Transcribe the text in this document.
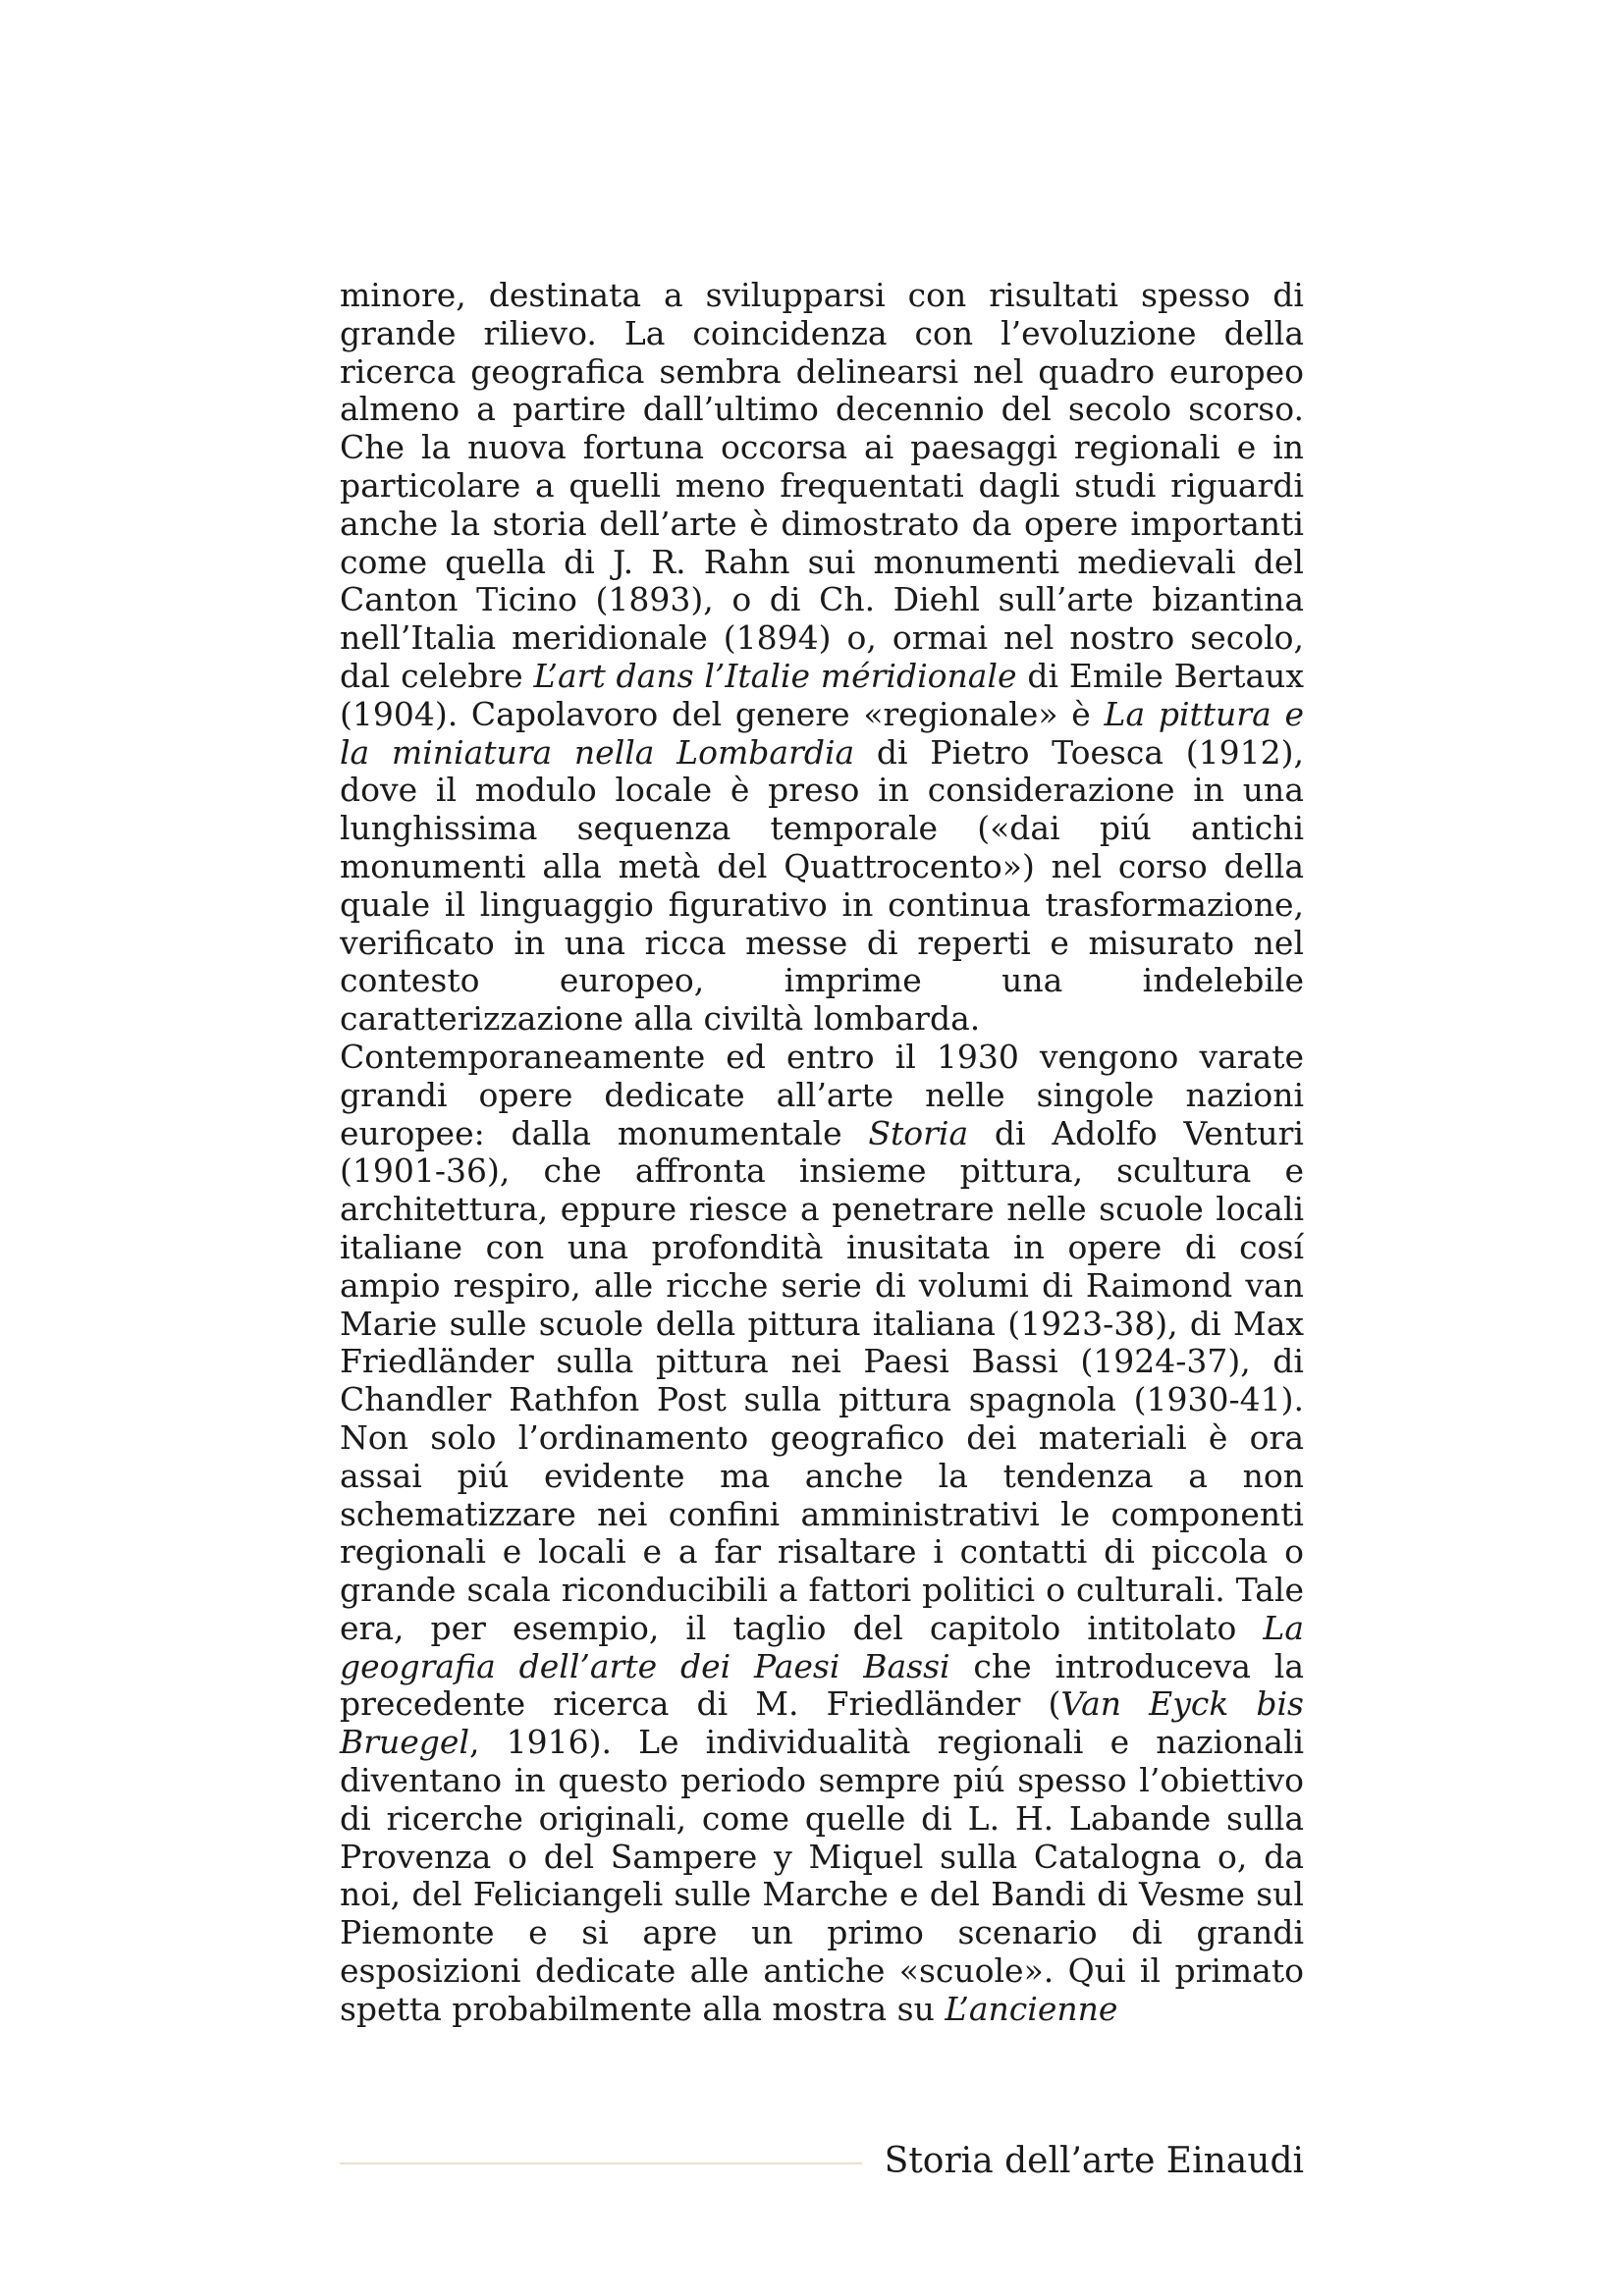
minore, destinata a svilupparsi con risultati spesso di grande rilievo. La coincidenza con l’evoluzione della ricerca geografica sembra delinearsi nel quadro europeo almeno a partire dall’ultimo decennio del secolo scorso. Che la nuova fortuna occorsa ai paesaggi regionali e in particolare a quelli meno frequentati dagli studi riguardi anche la storia dell’arte è dimostrato da opere importanti come quella di J. R. Rahn sui monumenti medievali del Canton Ticino (1893), o di Ch. Diehl sull’arte bizantina nell’Italia meridionale (1894) o, ormai nel nostro secolo, dal celebre L’art dans l’Italie méridionale di Emile Bertaux (1904). Capolavoro del genere «regionale» è La pittura e la miniatura nella Lombardia di Pietro Toesca (1912), dove il modulo locale è preso in considerazione in una lunghissima sequenza temporale («dai piú antichi monumenti alla metà del Quattrocento») nel corso della quale il linguaggio figurativo in continua trasformazione, verificato in una ricca messe di reperti e misurato nel contesto europeo, imprime una indelebile caratterizzazione alla civiltà lombarda.

Contemporaneamente ed entro il 1930 vengono varate grandi opere dedicate all’arte nelle singole nazioni europee: dalla monumentale Storia di Adolfo Venturi (1901-36), che affronta insieme pittura, scultura e architettura, eppure riesce a penetrare nelle scuole locali italiane con una profondità inusitata in opere di cosí ampio respiro, alle ricche serie di volumi di Raimond van Marie sulle scuole della pittura italiana (1923-38), di Max Friedländer sulla pittura nei Paesi Bassi (1924-37), di Chandler Rathfon Post sulla pittura spagnola (1930-41). Non solo l’ordinamento geografico dei materiali è ora assai piú evidente ma anche la tendenza a non schematizzare nei confini amministrativi le componenti regionali e locali e a far risaltare i contatti di piccola o grande scala riconducibili a fattori politici o culturali. Tale era, per esempio, il taglio del capitolo intitolato La geografia dell’arte dei Paesi Bassi che introduceva la precedente ricerca di M. Friedländer (Van Eyck bis Bruegel, 1916). Le individualità regionali e nazionali diventano in questo periodo sempre piú spesso l’obiettivo di ricerche originali, come quelle di L. H. Labande sulla Provenza o del Sampere y Miquel sulla Catalogna o, da noi, del Feliciangeli sulle Marche e del Bandi di Vesme sul Piemonte e si apre un primo scenario di grandi esposizioni dedicate alle antiche «scuole». Qui il primato spetta probabilmente alla mostra su L’ancienne

Storia dell’arte Einaudi
